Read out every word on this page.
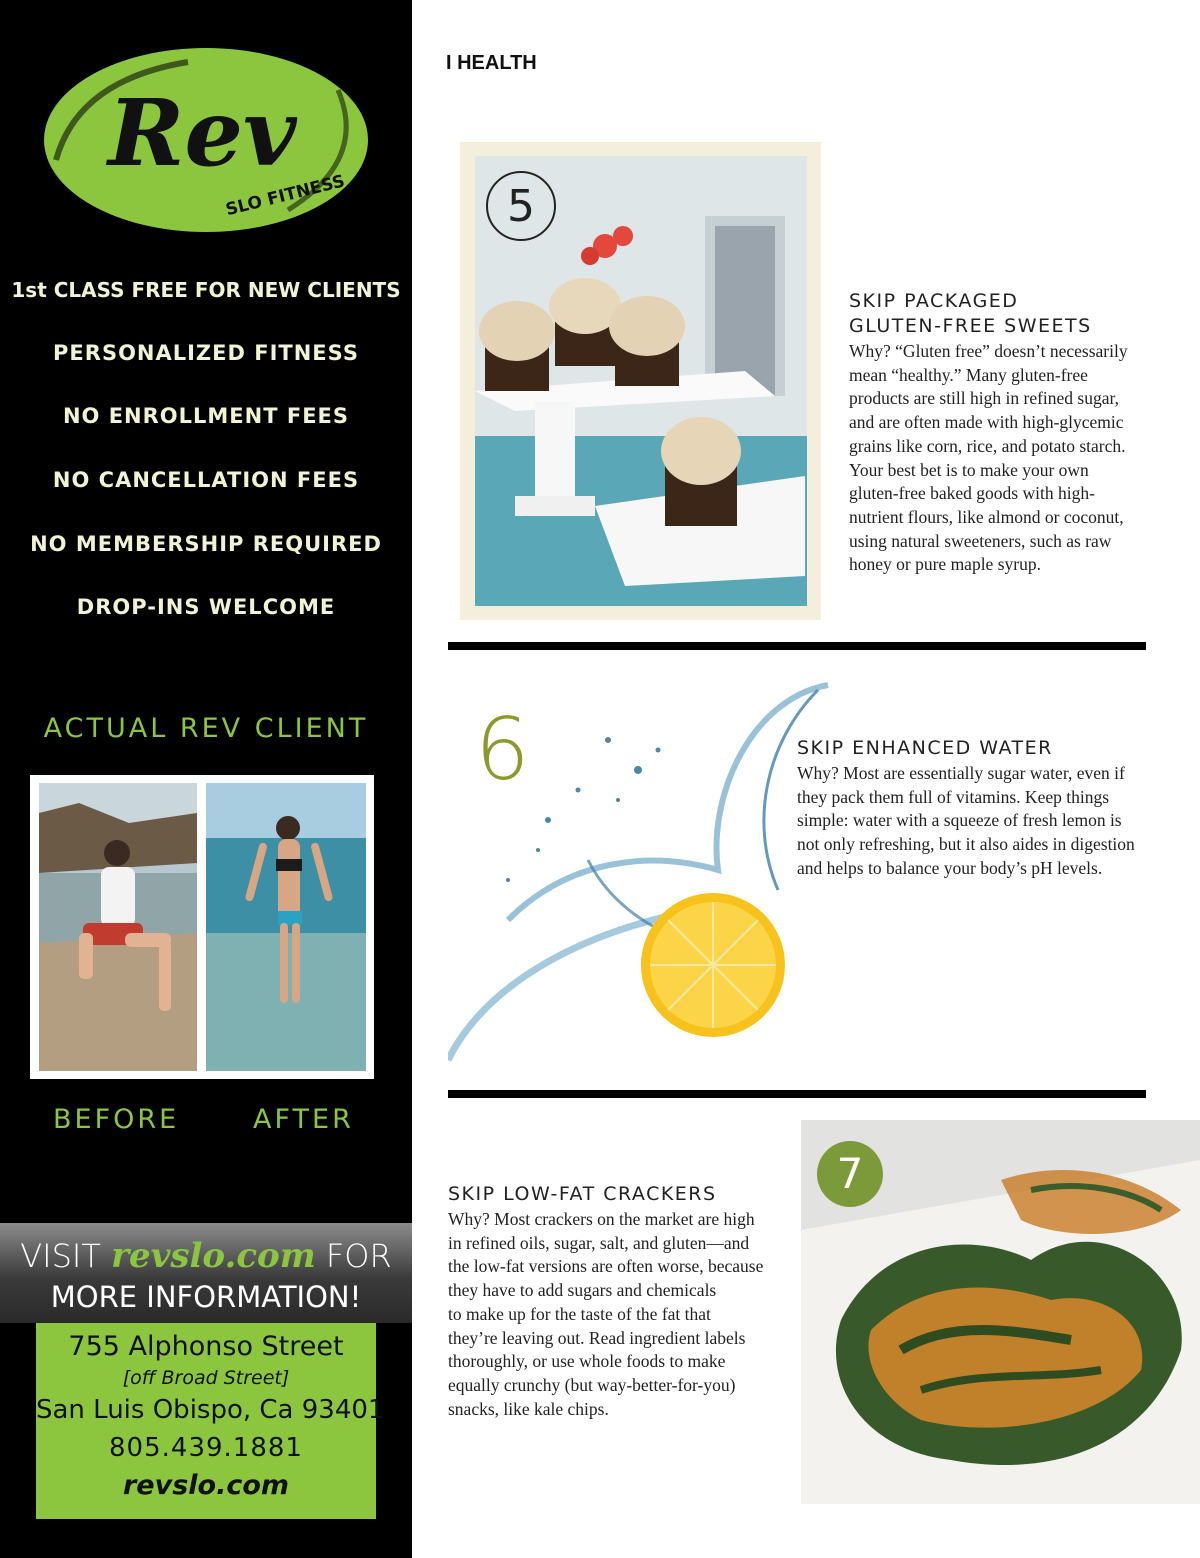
Rev
SLO FITNESS
1st CLASS FREE FOR NEW CLIENTS
PERSONALIZED FITNESS
NO ENROLLMENT FEES
NO CANCELLATION FEES
NO MEMBERSHIP REQUIRED
DROP-INS WELCOME
ACTUAL REV CLIENT
BEFORE	AFTER
VISIT revslo.com FOR
MORE INFORMATION!
755 Alphonso Street
[off Broad Street]
San Luis Obispo, Ca 93401
805.439.1881
revslo.com
I HEALTH
5
SKIP PACKAGED
GLUTEN-FREE SWEETS
Why? “Gluten free” doesn’t necessarily
mean “healthy.” Many gluten-free
products are still high in refined sugar,
and are often made with high-glycemic
grains like corn, rice, and potato starch.
Your best bet is to make your own
gluten-free baked goods with high-
nutrient flours, like almond or coconut,
using natural sweeteners, such as raw
honey or pure maple syrup.
6	SKIP ENHANCED WATER
Why? Most are essentially sugar water, even if
they pack them full of vitamins. Keep things
simple: water with a squeeze of fresh lemon is
not only refreshing, but it also aides in digestion
and helps to balance your body’s pH levels.
7
SKIP LOW-FAT CRACKERS
Why? Most crackers on the market are high
in refined oils, sugar, salt, and gluten—and
the low-fat versions are often worse, because
they have to add sugars and chemicals
to make up for the taste of the fat that
they’re leaving out. Read ingredient labels
thoroughly, or use whole foods to make
equally crunchy (but way-better-for-you)
snacks, like kale chips.
